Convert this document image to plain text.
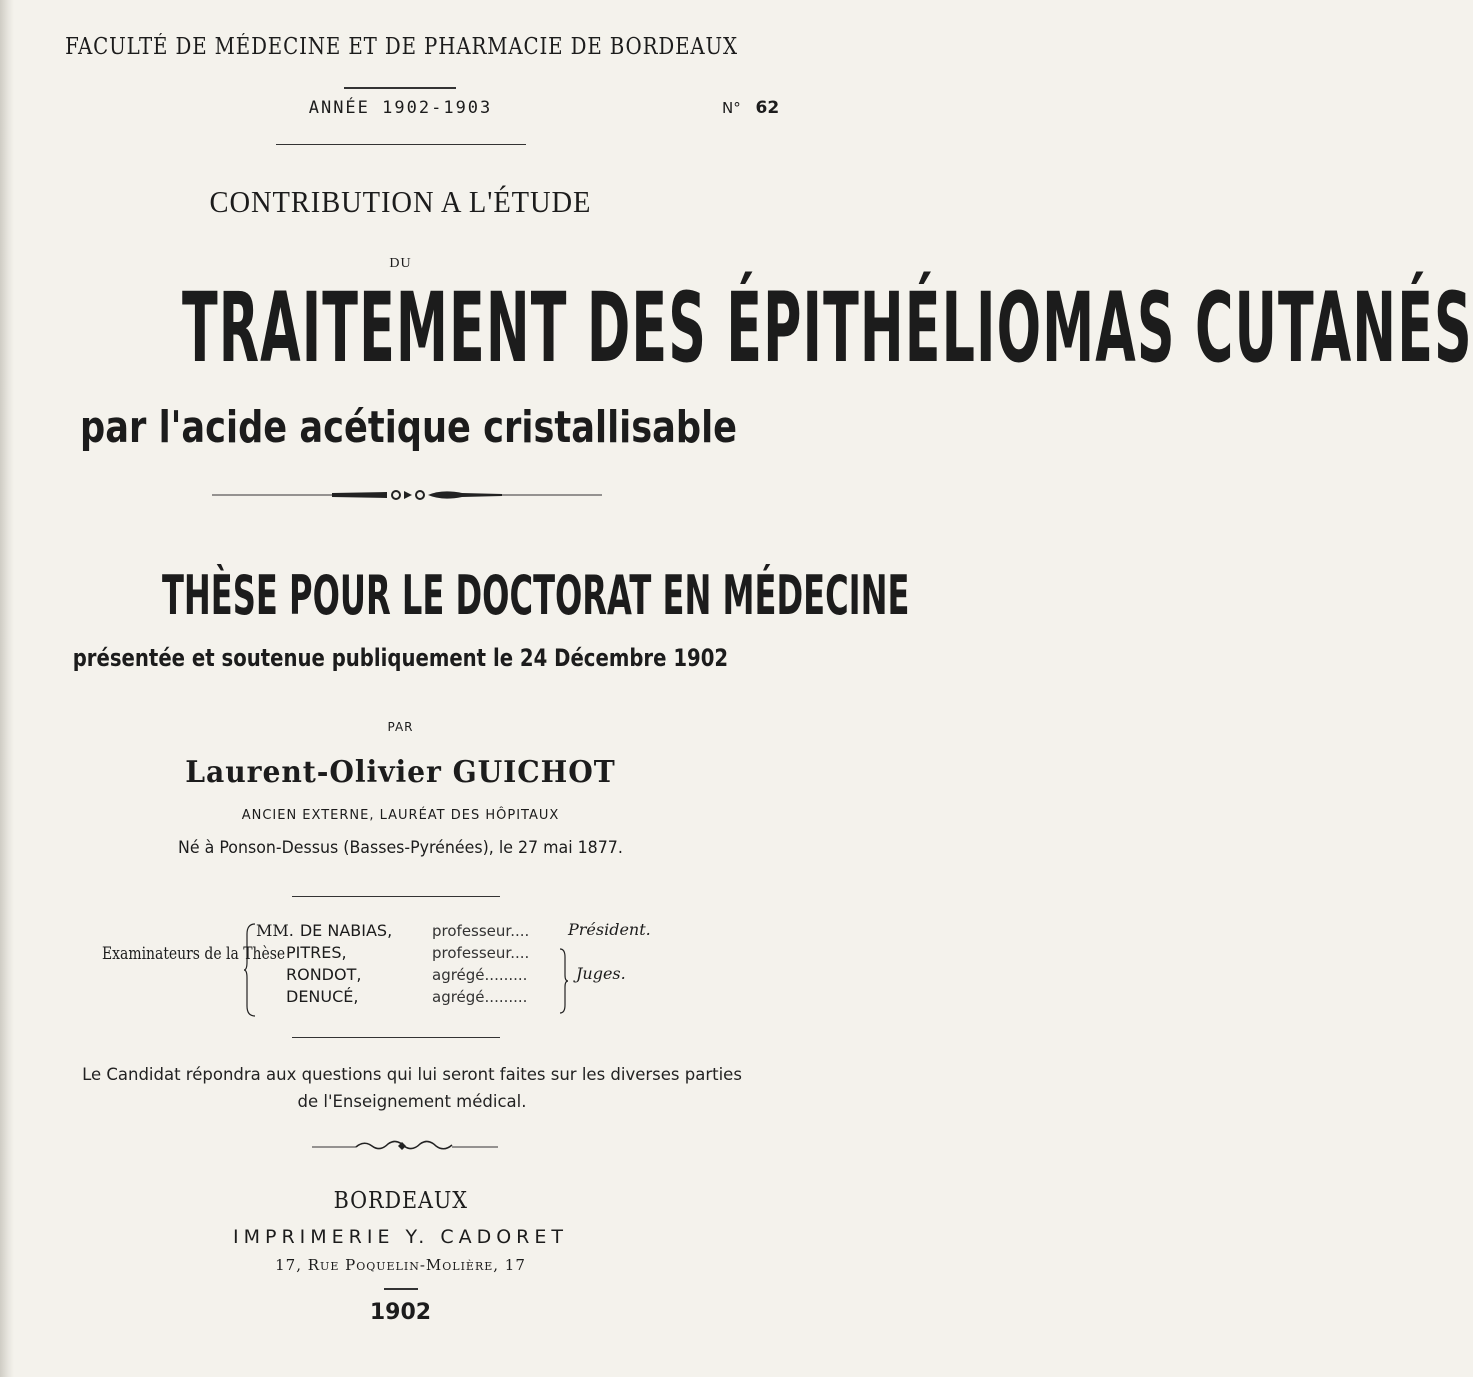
FACULTÉ DE MÉDECINE ET DE PHARMACIE DE BORDEAUX
ANNÉE 1902-1903	N° 62
CONTRIBUTION A L'ÉTUDE
DU
TRAITEMENT DES ÉPITHÉLIOMAS CUTANÉS
par l'acide acétique cristallisable
THÈSE POUR LE DOCTORAT EN MÉDECINE
présentée et soutenue publiquement le 24 Décembre 1902
PAR
Laurent-Olivier GUICHOT
ANCIEN EXTERNE, LAURÉAT DES HÔPITAUX
Né à Ponson-Dessus (Basses-Pyrénées), le 27 mai 1877.
Examinateurs de la Thèse
MM. DE NABIAS,
PITRES,
RONDOT,
DENUCÉ,
professeur....
professeur....
agrégé.........
agrégé.........
Président.
Juges.
Le Candidat répondra aux questions qui lui seront faites sur les diverses parties de l'Enseignement médical.
BORDEAUX
IMPRIMERIE Y. CADORET
17, Rue Poquelin-Molière, 17
1902
